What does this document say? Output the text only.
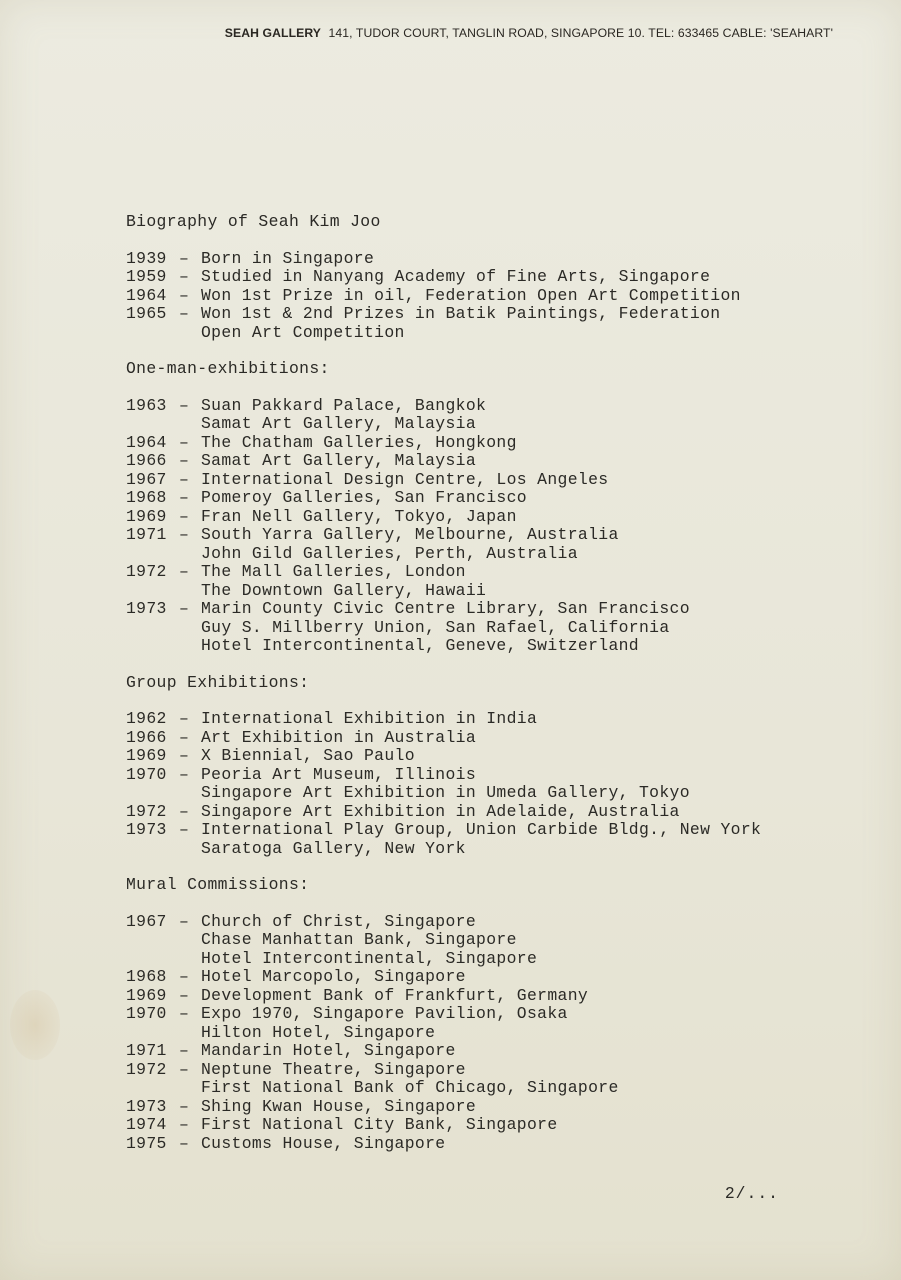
SEAH GALLERY 141, TUDOR COURT, TANGLIN ROAD, SINGAPORE 10. TEL: 633465 CABLE: 'SEAHART'
Biography of Seah Kim Joo
1939 – Born in Singapore
1959 – Studied in Nanyang Academy of Fine Arts, Singapore
1964 – Won 1st Prize in oil, Federation Open Art Competition
1965 – Won 1st & 2nd Prizes in Batik Paintings, Federation
Open Art Competition
One-man-exhibitions:
1963 – Suan Pakkard Palace, Bangkok
Samat Art Gallery, Malaysia
1964 – The Chatham Galleries, Hongkong
1966 – Samat Art Gallery, Malaysia
1967 – International Design Centre, Los Angeles
1968 – Pomeroy Galleries, San Francisco
1969 – Fran Nell Gallery, Tokyo, Japan
1971 – South Yarra Gallery, Melbourne, Australia
John Gild Galleries, Perth, Australia
1972 – The Mall Galleries, London
The Downtown Gallery, Hawaii
1973 – Marin County Civic Centre Library, San Francisco
Guy S. Millberry Union, San Rafael, California
Hotel Intercontinental, Geneve, Switzerland
Group Exhibitions:
1962 – International Exhibition in India
1966 – Art Exhibition in Australia
1969 – X Biennial, Sao Paulo
1970 – Peoria Art Museum, Illinois
Singapore Art Exhibition in Umeda Gallery, Tokyo
1972 – Singapore Art Exhibition in Adelaide, Australia
1973 – International Play Group, Union Carbide Bldg., New York
Saratoga Gallery, New York
Mural Commissions:
1967 – Church of Christ, Singapore
Chase Manhattan Bank, Singapore
Hotel Intercontinental, Singapore
1968 – Hotel Marcopolo, Singapore
1969 – Development Bank of Frankfurt, Germany
1970 – Expo 1970, Singapore Pavilion, Osaka
Hilton Hotel, Singapore
1971 – Mandarin Hotel, Singapore
1972 – Neptune Theatre, Singapore
First National Bank of Chicago, Singapore
1973 – Shing Kwan House, Singapore
1974 – First National City Bank, Singapore
1975 – Customs House, Singapore
2/...
